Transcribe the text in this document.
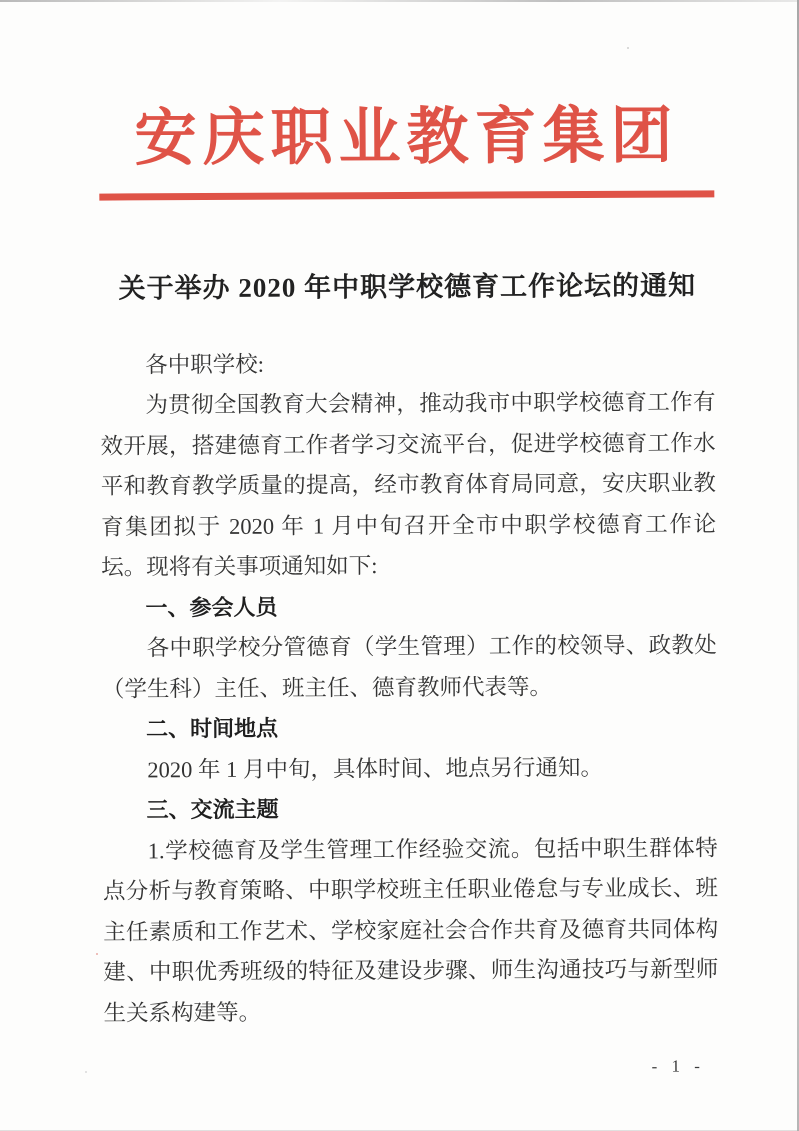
安庆职业教育集团
关于举办 2020 年中职学校德育工作论坛的通知

各中职学校:

为贯彻全国教育大会精神，推动我市中职学校德育工作有效开展，搭建德育工作者学习交流平台，促进学校德育工作水平和教育教学质量的提高，经市教育体育局同意，安庆职业教育集团拟于 2020 年 1 月中旬召开全市中职学校德育工作论坛。现将有关事项通知如下:

一、参会人员

各中职学校分管德育（学生管理）工作的校领导、政教处（学生科）主任、班主任、德育教师代表等。

二、时间地点

2020 年 1 月中旬，具体时间、地点另行通知。

三、交流主题

1.学校德育及学生管理工作经验交流。包括中职生群体特点分析与教育策略、中职学校班主任职业倦怠与专业成长、班主任素质和工作艺术、学校家庭社会合作共育及德育共同体构建、中职优秀班级的特征及建设步骤、师生沟通技巧与新型师生关系构建等。

- 1 -
